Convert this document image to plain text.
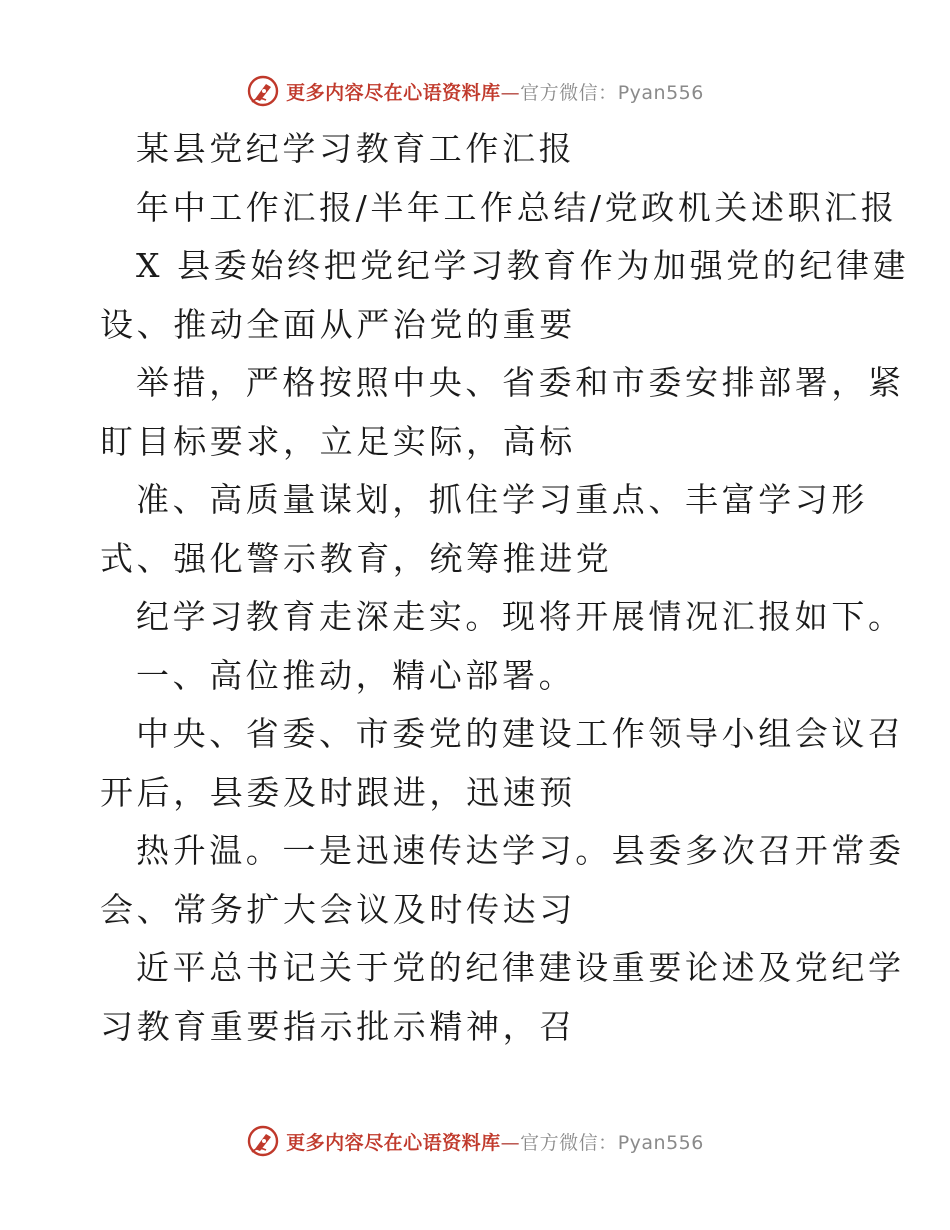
更多内容尽在心语资料库—官方微信：Pyan556
某县党纪学习教育工作汇报
年中工作汇报/半年工作总结/党政机关述职汇报
X 县委始终把党纪学习教育作为加强党的纪律建
设、推动全面从严治党的重要
举措，严格按照中央、省委和市委安排部署，紧
盯目标要求，立足实际，高标
准、高质量谋划，抓住学习重点、丰富学习形
式、强化警示教育，统筹推进党
纪学习教育走深走实。现将开展情况汇报如下。
一、高位推动，精心部署。
中央、省委、市委党的建设工作领导小组会议召
开后，县委及时跟进，迅速预
热升温。一是迅速传达学习。县委多次召开常委
会、常务扩大会议及时传达习
近平总书记关于党的纪律建设重要论述及党纪学
习教育重要指示批示精神，召
更多内容尽在心语资料库—官方微信：Pyan556
